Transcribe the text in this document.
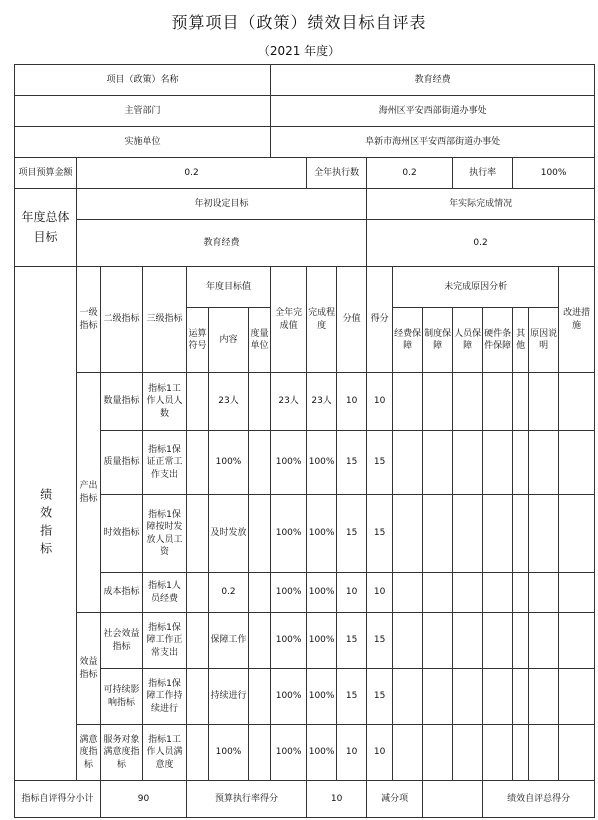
预算项目（政策）绩效目标自评表
（2021 年度）
项目（政策）名称							教育经费											
主管部门							海州区平安西部街道办事处											
实施单位							阜新市海州区平安西部街道办事处											
项目预算金额	0.2							全年执行数		0.2			执行率		100%			
年度总体目标	年初设定目标									年实际完成情况								
	教育经费									0.2								
绩效指标	一级指标	二级指标	三级指标	年度目标值			全年完成值	完成程度	分值	得分	未完成原因分析						改进措施	
				运算符号	内容	度量单位					经费保障	制度保障	人员保障	硬件条件保障	其他	原因说明		
	产出指标	数量指标	指标1工作人员人数		23人		23人	23人	10	10								
		质量指标	指标1保证正常工作支出		100%		100%	100%	15	15								
		时效指标	指标1保障按时发放人员工资		及时发放		100%	100%	15	15								
		成本指标	指标1人员经费		0.2		100%	100%	10	10								
	效益指标	社会效益指标	指标1保障工作正常支出		保障工作		100%	100%	15	15								
		可持续影响指标	指标1保障工作持续进行		持续进行		100%	100%	15	15								
	满意度指标	服务对象满意度指标	指标1工作人员满意度		100%		100%	100%	10	10								
指标自评得分小计		90		预算执行率得分				10		减分项				绩效自评总得分	
